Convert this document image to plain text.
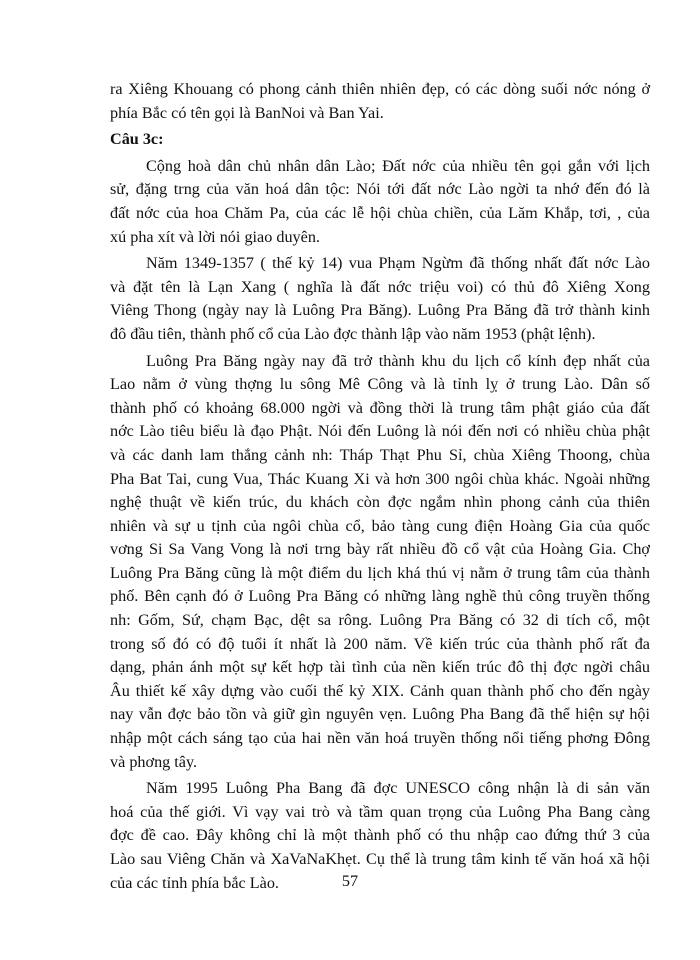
ra Xiêng Khouang có phong cảnh thiên nhiên đẹp, có các dòng suối nớc nóng ở
phía Bắc có tên gọi là BanNoi và Ban Yai.
Câu 3c:
Cộng hoà dân chủ nhân dân Lào; Đất nớc của nhiều tên gọi gắn với lịch
sử, đặng trng của văn hoá dân tộc: Nói tới đất nớc Lào ngời ta nhớ đến đó là
đất nớc của hoa Chăm Pa, của các lễ hội chùa chiền, của Lăm Khắp, tơi, , của
xú pha xít và lời nói giao duyên.
Năm 1349-1357 ( thế kỷ 14) vua Phạm Ngừm đã thống nhất đất nớc Lào
và đặt tên là Lạn Xang ( nghĩa là đất nớc triệu voi) có thủ đô Xiêng Xong
Viêng Thong (ngày nay là Luông Pra Băng). Luông Pra Băng đã trở thành kinh
đô đầu tiên, thành phố cổ của Lào đợc thành lập vào năm 1953 (phật lệnh).
Luông Pra Băng ngày nay đã trở thành khu du lịch cổ kính đẹp nhất của
Lao nằm ở vùng thợng lu sông Mê Công và là tỉnh lỵ ở trung Lào. Dân số
thành phố có khoảng 68.000 ngời và đồng thời là trung tâm phật giáo của đất
nớc Lào tiêu biểu là đạo Phật. Nói đến Luông là nói đến nơi có nhiều chùa phật
và các danh lam thắng cảnh nh: Tháp Thạt Phu Sỉ, chùa Xiêng Thoong, chùa
Pha Bat Tai, cung Vua, Thác Kuang Xi và hơn 300 ngôi chùa khác. Ngoài những
nghệ thuật về kiến trúc, du khách còn đợc ngắm nhìn phong cảnh của thiên
nhiên và sự u tịnh của ngôi chùa cổ, bảo tàng cung điện Hoàng Gia của quốc
vơng Si Sa Vang Vong là nơi trng bày rất nhiều đồ cổ vật của Hoàng Gia. Chợ
Luông Pra Băng cũng là một điểm du lịch khá thú vị nằm ở trung tâm của thành
phố. Bên cạnh đó ở Luông Pra Băng có những làng nghề thủ công truyền thống
nh: Gốm, Sứ, chạm Bạc, dệt sa rông. Luông Pra Băng có 32 di tích cổ, một
trong số đó có độ tuổi ít nhất là 200 năm. Về kiến trúc của thành phố rất đa
dạng, phản ánh một sự kết hợp tài tình của nền kiến trúc đô thị đợc ngời châu
Âu thiết kế xây dựng vào cuối thế kỷ XIX. Cảnh quan thành phố cho đến ngày
nay vẫn đợc bảo tồn và giữ gìn nguyên vẹn. Luông Pha Bang đã thể hiện sự hội
nhập một cách sáng tạo của hai nền văn hoá truyền thống nổi tiếng phơng Đông
và phơng tây.
Năm 1995 Luông Pha Bang đã đợc UNESCO công nhận là di sản văn
hoá của thế giới. Vì vạy vai trò và tầm quan trọng của Luông Pha Bang càng
đợc đề cao. Đây không chỉ là một thành phố có thu nhập cao đứng thứ 3 của
Lào sau Viêng Chăn và XaVaNaKhẹt. Cụ thể là trung tâm kinh tế văn hoá xã hội
của các tỉnh phía bắc Lào.	57
